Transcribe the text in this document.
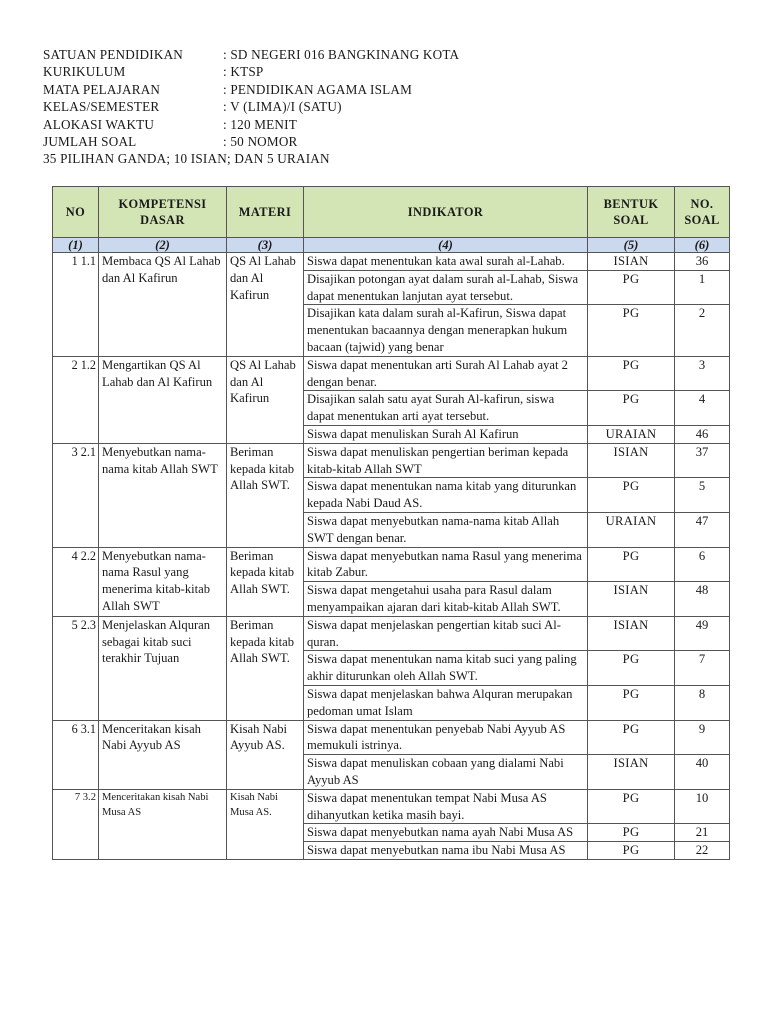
SATUAN PENDIDIKAN	: SD NEGERI 016 BANGKINANG KOTA
KURIKULUM	: KTSP
MATA PELAJARAN	: PENDIDIKAN AGAMA ISLAM
KELAS/SEMESTER	: V (LIMA)/I (SATU)
ALOKASI WAKTU	: 120 MENIT
JUMLAH SOAL	: 50 NOMOR
35 PILIHAN GANDA; 10 ISIAN; DAN 5 URAIAN
NO	KOMPETENSI DASAR	MATERI	INDIKATOR	BENTUK SOAL	NO. SOAL
(1)	(2)	(3)	(4)	(5)	(6)
1 1.1	Membaca QS Al Lahab dan Al Kafirun	QS Al Lahab dan Al Kafirun	Siswa dapat menentukan kata awal surah al-Lahab.	ISIAN	36
			Disajikan potongan ayat dalam surah al-Lahab, Siswa dapat menentukan lanjutan ayat tersebut.	PG	1
			Disajikan kata dalam surah al-Kafirun, Siswa dapat menentukan bacaannya dengan menerapkan hukum bacaan (tajwid) yang benar	PG	2
2 1.2	Mengartikan QS Al Lahab dan Al Kafirun	QS Al Lahab dan Al Kafirun	Siswa dapat menentukan arti Surah Al Lahab ayat 2 dengan benar.	PG	3
			Disajikan salah satu ayat Surah Al-kafirun, siswa dapat menentukan arti ayat tersebut.	PG	4
			Siswa dapat menuliskan Surah Al Kafirun	URAIAN	46
3 2.1	Menyebutkan nama-nama kitab Allah SWT	Beriman kepada kitab Allah SWT.	Siswa dapat menuliskan pengertian beriman kepada kitab-kitab Allah SWT	ISIAN	37
			Siswa dapat menentukan nama kitab yang diturunkan kepada Nabi Daud AS.	PG	5
			Siswa dapat menyebutkan nama-nama kitab Allah SWT dengan benar.	URAIAN	47
4 2.2	Menyebutkan nama-nama Rasul yang menerima kitab-kitab Allah SWT	Beriman kepada kitab Allah SWT.	Siswa dapat menyebutkan nama Rasul yang menerima kitab Zabur.	PG	6
			Siswa dapat mengetahui usaha para Rasul dalam menyampaikan ajaran dari kitab-kitab Allah SWT.	ISIAN	48
5 2.3	Menjelaskan Alquran sebagai kitab suci terakhir Tujuan	Beriman kepada kitab Allah SWT.	Siswa dapat menjelaskan pengertian kitab suci Al-quran.	ISIAN	49
			Siswa dapat menentukan nama kitab suci yang paling akhir diturunkan oleh Allah SWT.	PG	7
			Siswa dapat menjelaskan bahwa Alquran merupakan pedoman umat Islam	PG	8
6 3.1	Menceritakan kisah Nabi Ayyub AS	Kisah Nabi Ayyub AS.	Siswa dapat menentukan penyebab Nabi Ayyub AS memukuli istrinya.	PG	9
			Siswa dapat menuliskan cobaan yang dialami Nabi Ayyub AS	ISIAN	40
7 3.2	Menceritakan kisah Nabi Musa AS	Kisah Nabi Musa AS.	Siswa dapat menentukan tempat Nabi Musa AS dihanyutkan ketika masih bayi.	PG	10
			Siswa dapat menyebutkan nama ayah Nabi Musa AS	PG	21
			Siswa dapat menyebutkan nama ibu Nabi Musa AS	PG	22
